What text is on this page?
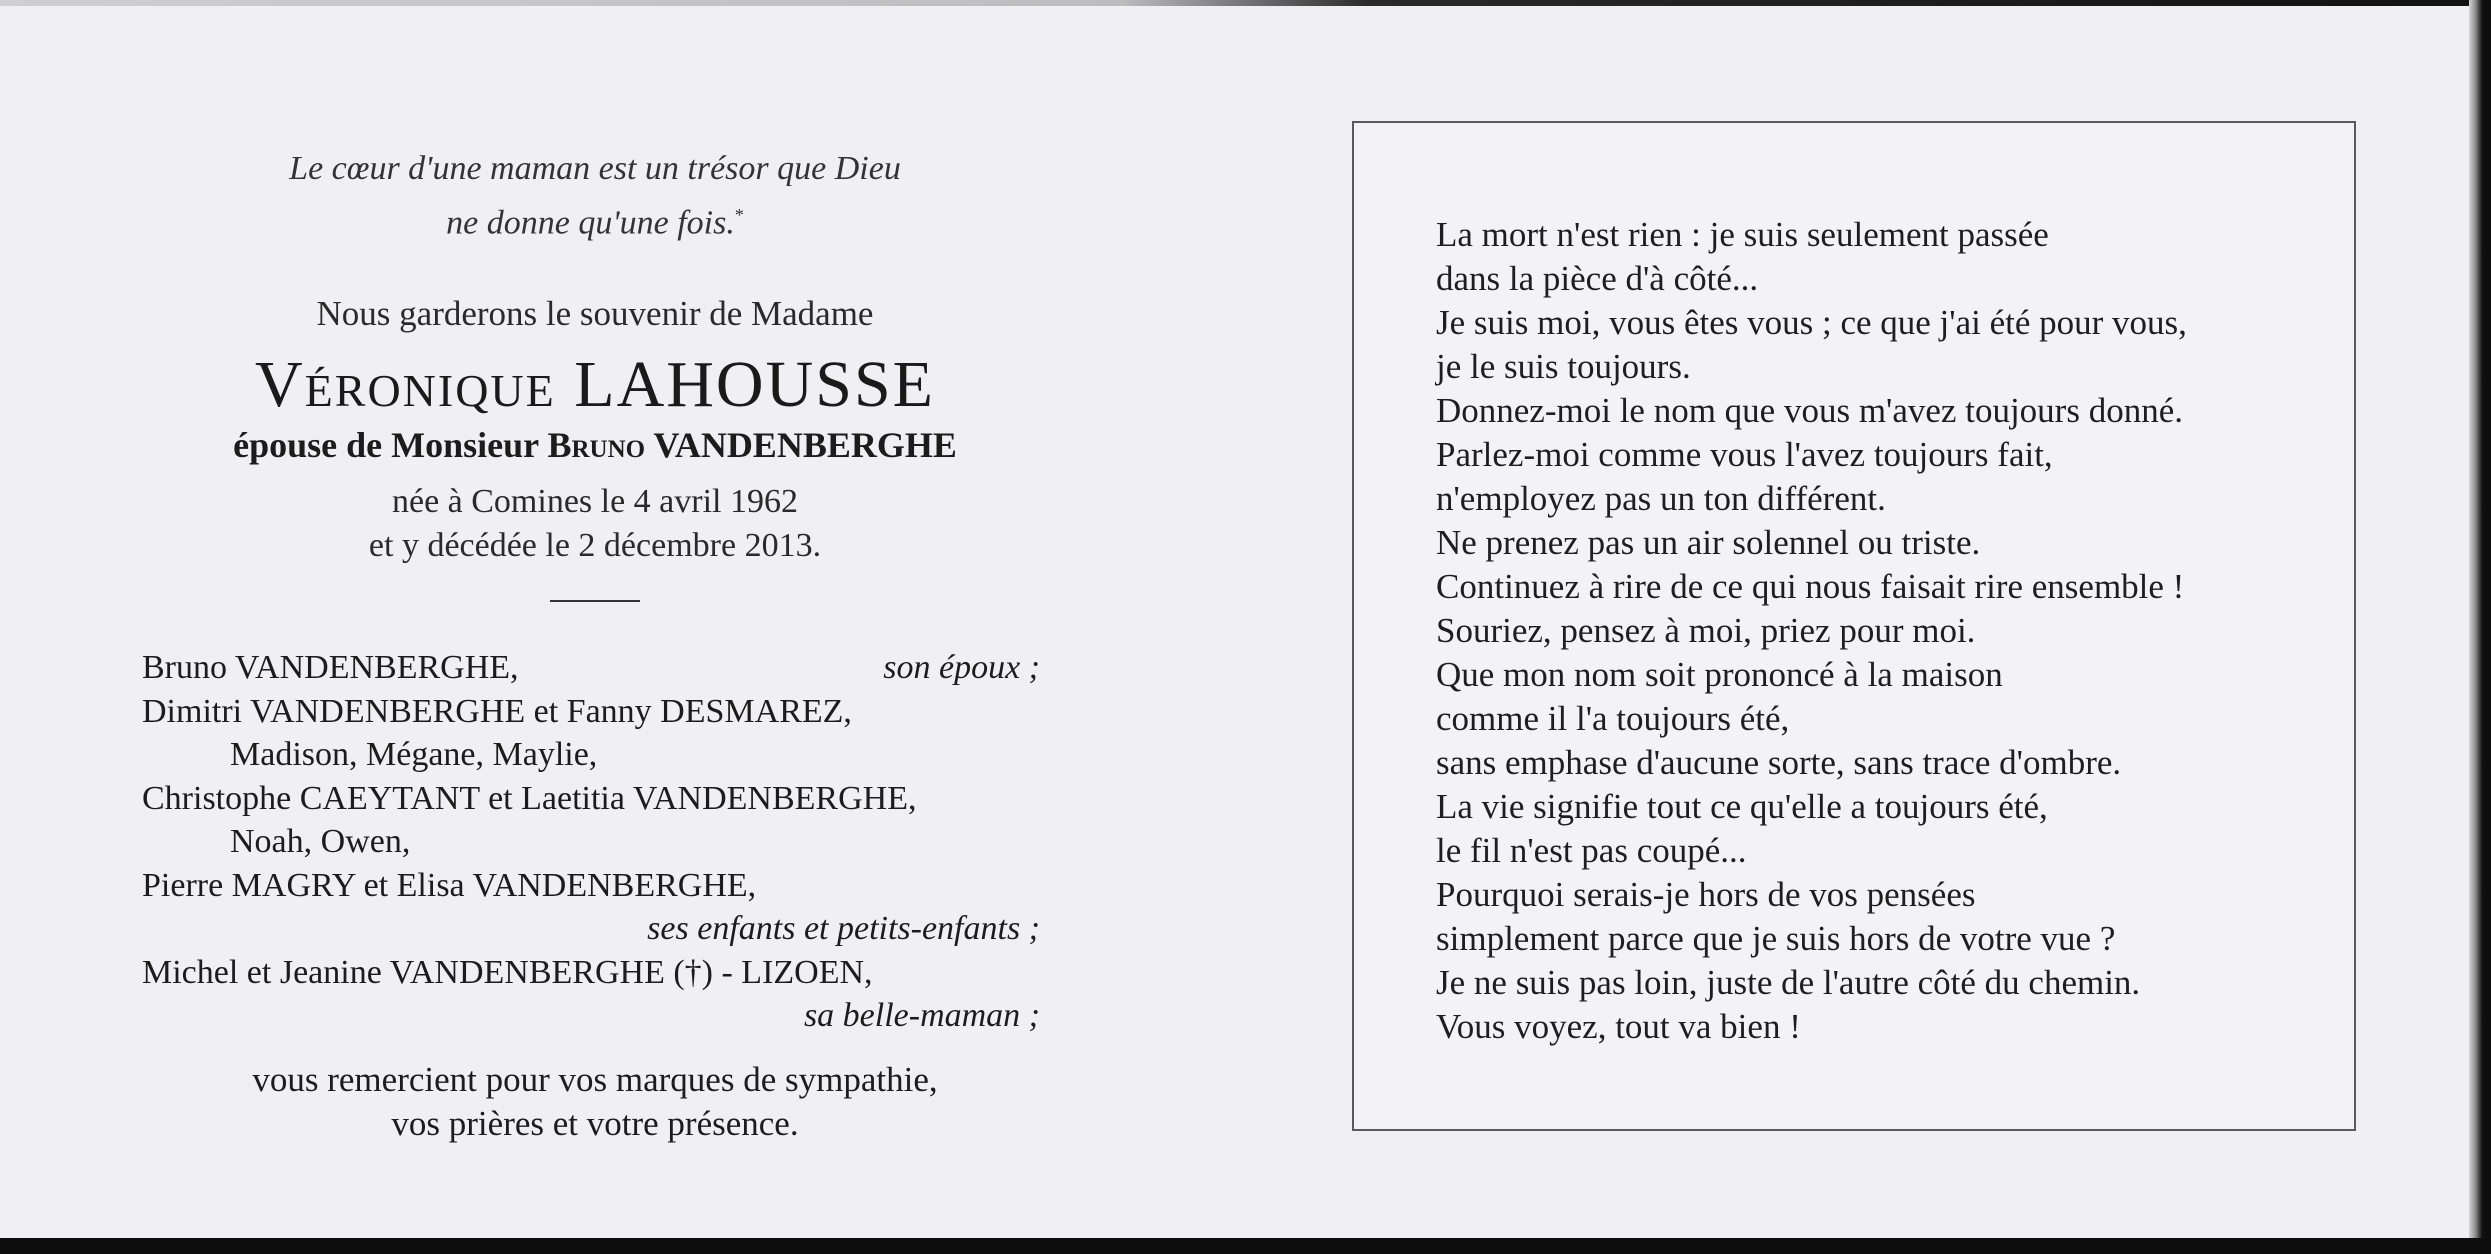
Le cœur d'une maman est un trésor que Dieu
ne donne qu'une fois.*
Nous garderons le souvenir de Madame
Véronique LAHOUSSE
épouse de Monsieur Bruno VANDENBERGHE
née à Comines le 4 avril 1962
et y décédée le 2 décembre 2013.
Bruno VANDENBERGHE,	son époux ;
Dimitri VANDENBERGHE et Fanny DESMAREZ,
Madison, Mégane, Maylie,
Christophe CAEYTANT et Laetitia VANDENBERGHE,
Noah, Owen,
Pierre MAGRY et Elisa VANDENBERGHE,
ses enfants et petits-enfants ;
Michel et Jeanine VANDENBERGHE (†) - LIZOEN,
sa belle-maman ;
vous remercient pour vos marques de sympathie,
vos prières et votre présence.
La mort n'est rien : je suis seulement passée
dans la pièce d'à côté...
Je suis moi, vous êtes vous ; ce que j'ai été pour vous,
je le suis toujours.
Donnez-moi le nom que vous m'avez toujours donné.
Parlez-moi comme vous l'avez toujours fait,
n'employez pas un ton différent.
Ne prenez pas un air solennel ou triste.
Continuez à rire de ce qui nous faisait rire ensemble !
Souriez, pensez à moi, priez pour moi.
Que mon nom soit prononcé à la maison
comme il l'a toujours été,
sans emphase d'aucune sorte, sans trace d'ombre.
La vie signifie tout ce qu'elle a toujours été,
le fil n'est pas coupé...
Pourquoi serais-je hors de vos pensées
simplement parce que je suis hors de votre vue ?
Je ne suis pas loin, juste de l'autre côté du chemin.
Vous voyez, tout va bien !
